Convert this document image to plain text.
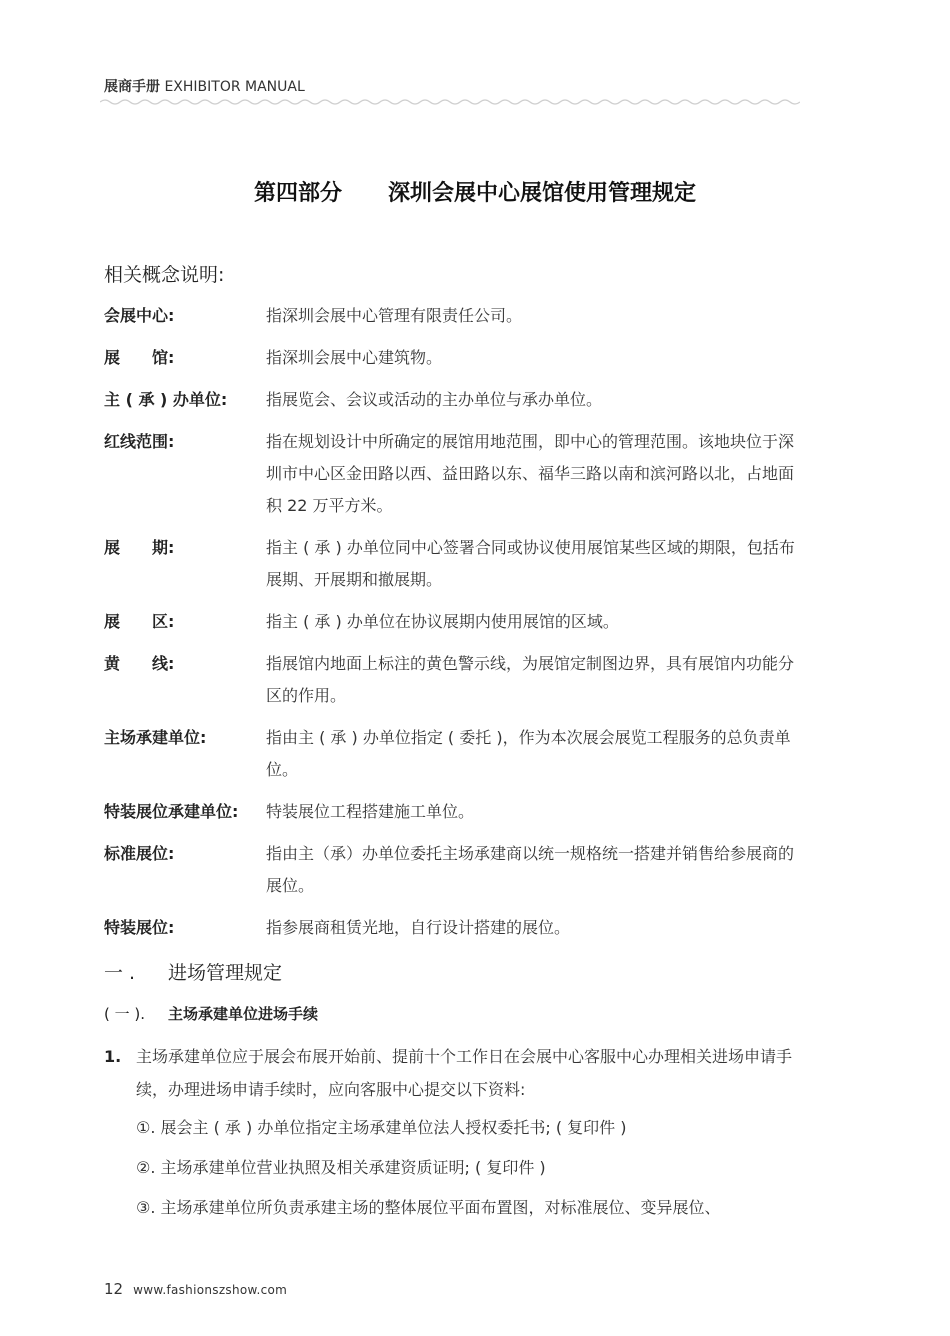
展商手册 EXHIBITOR MANUAL
第四部分 深圳会展中心展馆使用管理规定
相关概念说明:
会展中心:	指深圳会展中心管理有限责任公司。
展　　馆:	指深圳会展中心建筑物。
主 ( 承 ) 办单位:	指展览会、会议或活动的主办单位与承办单位。
红线范围:	指在规划设计中所确定的展馆用地范围，即中心的管理范围。该地块位于深圳市中心区金田路以西、益田路以东、福华三路以南和滨河路以北，占地面积 22 万平方米。
展　　期:	指主 ( 承 ) 办单位同中心签署合同或协议使用展馆某些区域的期限，包括布展期、开展期和撤展期。
展　　区:	指主 ( 承 ) 办单位在协议展期内使用展馆的区域。
黄　　线:	指展馆内地面上标注的黄色警示线，为展馆定制图边界，具有展馆内功能分区的作用。
主场承建单位:	指由主 ( 承 ) 办单位指定 ( 委托 )，作为本次展会展览工程服务的总负责单位。
特装展位承建单位:	特装展位工程搭建施工单位。
标准展位:	指由主（承）办单位委托主场承建商以统一规格统一搭建并销售给参展商的展位。
特装展位:	指参展商租赁光地，自行设计搭建的展位。
一 . 进场管理规定
( 一 ). 主场承建单位进场手续
1. 主场承建单位应于展会布展开始前、提前十个工作日在会展中心客服中心办理相关进场申请手续，办理进场申请手续时，应向客服中心提交以下资料:
①. 展会主 ( 承 ) 办单位指定主场承建单位法人授权委托书; ( 复印件 )
②. 主场承建单位营业执照及相关承建资质证明; ( 复印件 )
③. 主场承建单位所负责承建主场的整体展位平面布置图，对标准展位、变异展位、
12 www.fashionszshow.com
